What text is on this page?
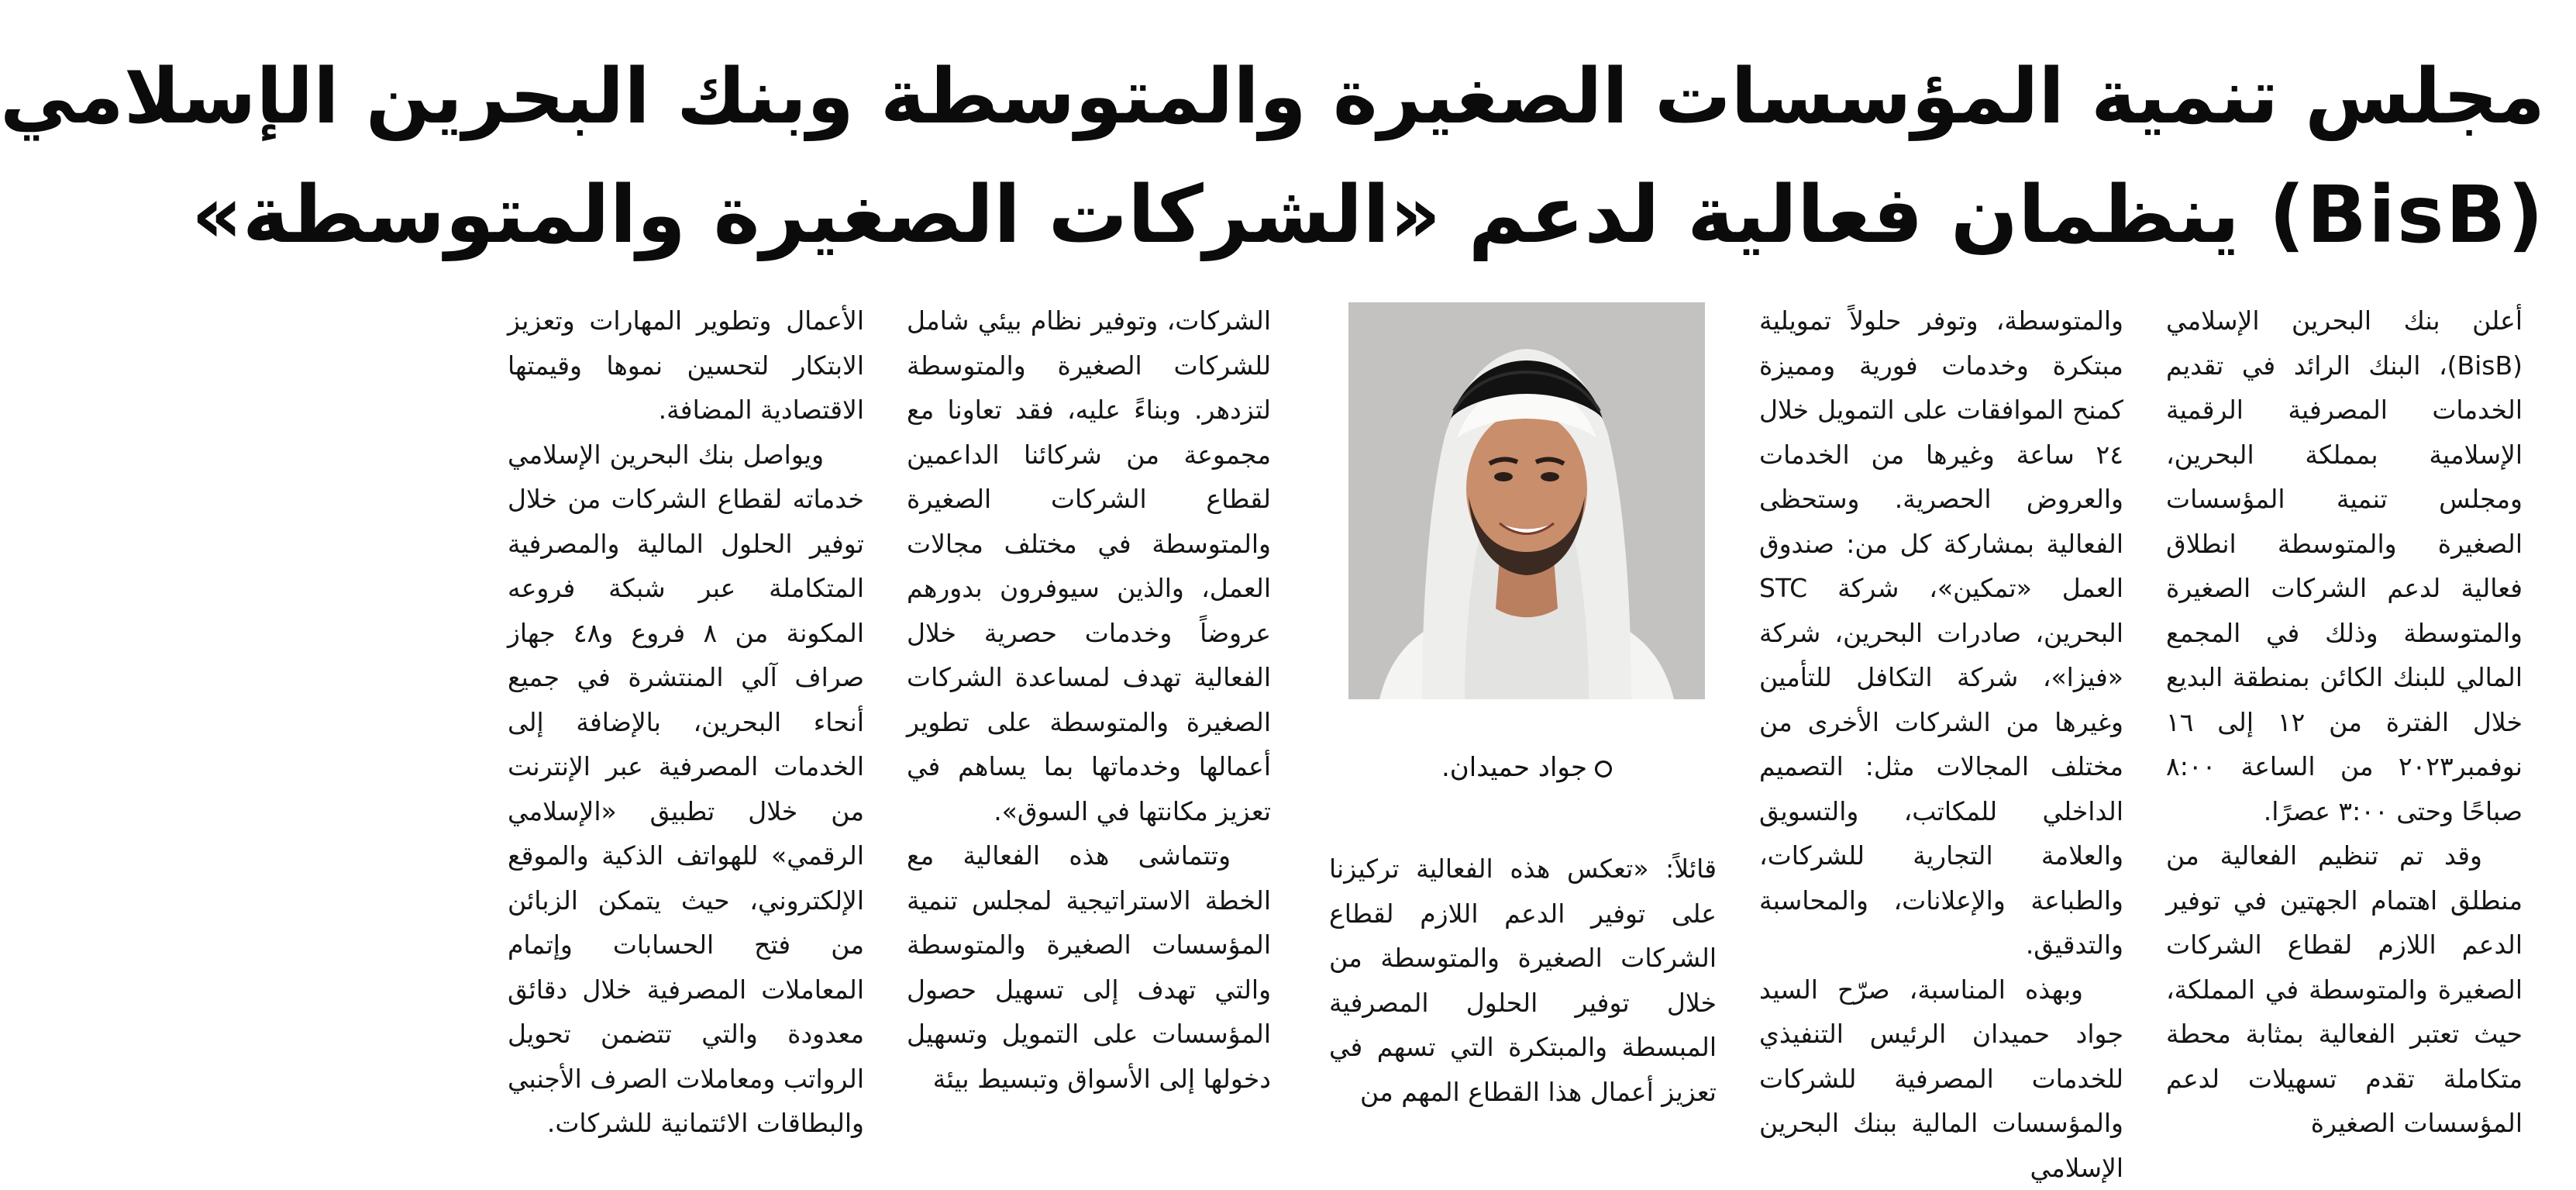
مجلس تنمية المؤسسات الصغيرة والمتوسطة وبنك البحرين الإسلامي
(BisB) ينظمان فعالية لدعم «الشركات الصغيرة والمتوسطة»

أعلن بنك البحرين الإسلامي (BisB)، البنك الرائد في تقديم الخدمات المصرفية الرقمية الإسلامية بمملكة البحرين، ومجلس تنمية المؤسسات الصغيرة والمتوسطة انطلاق فعالية لدعم الشركات الصغيرة والمتوسطة وذلك في المجمع المالي للبنك الكائن بمنطقة البديع خلال الفترة من ١٢ إلى ١٦ نوفمبر٢٠٢٣ من الساعة ٨:٠٠ صباحًا وحتى ٣:٠٠ عصرًا.

وقد تم تنظيم الفعالية من منطلق اهتمام الجهتين في توفير الدعم اللازم لقطاع الشركات الصغيرة والمتوسطة في المملكة، حيث تعتبر الفعالية بمثابة محطة متكاملة تقدم تسهيلات لدعم المؤسسات الصغيرة

والمتوسطة، وتوفر حلولاً تمويلية مبتكرة وخدمات فورية ومميزة كمنح الموافقات على التمويل خلال ٢٤ ساعة وغيرها من الخدمات والعروض الحصرية. وستحظى الفعالية بمشاركة كل من: صندوق العمل «تمكين»، شركة STC البحرين، صادرات البحرين، شركة «فيزا»، شركة التكافل للتأمين وغيرها من الشركات الأخرى من مختلف المجالات مثل: التصميم الداخلي للمكاتب، والتسويق والعلامة التجارية للشركات، والطباعة والإعلانات، والمحاسبة والتدقيق.

وبهذه المناسبة، صرّح السيد جواد حميدان الرئيس التنفيذي للخدمات المصرفية للشركات والمؤسسات المالية ببنك البحرين الإسلامي

جواد حميدان.

قائلاً: «تعكس هذه الفعالية تركيزنا على توفير الدعم اللازم لقطاع الشركات الصغيرة والمتوسطة من خلال توفير الحلول المصرفية المبسطة والمبتكرة التي تسهم في تعزيز أعمال هذا القطاع المهم من

الشركات، وتوفير نظام بيئي شامل للشركات الصغيرة والمتوسطة لتزدهر. وبناءً عليه، فقد تعاونا مع مجموعة من شركائنا الداعمين لقطاع الشركات الصغيرة والمتوسطة في مختلف مجالات العمل، والذين سيوفرون بدورهم عروضاً وخدمات حصرية خلال الفعالية تهدف لمساعدة الشركات الصغيرة والمتوسطة على تطوير أعمالها وخدماتها بما يساهم في تعزيز مكانتها في السوق».

وتتماشى هذه الفعالية مع الخطة الاستراتيجية لمجلس تنمية المؤسسات الصغيرة والمتوسطة والتي تهدف إلى تسهيل حصول المؤسسات على التمويل وتسهيل دخولها إلى الأسواق وتبسيط بيئة

الأعمال وتطوير المهارات وتعزيز الابتكار لتحسين نموها وقيمتها الاقتصادية المضافة.

ويواصل بنك البحرين الإسلامي خدماته لقطاع الشركات من خلال توفير الحلول المالية والمصرفية المتكاملة عبر شبكة فروعه المكونة من ٨ فروع و٤٨ جهاز صراف آلي المنتشرة في جميع أنحاء البحرين، بالإضافة إلى الخدمات المصرفية عبر الإنترنت من خلال تطبيق «الإسلامي الرقمي» للهواتف الذكية والموقع الإلكتروني، حيث يتمكن الزبائن من فتح الحسابات وإتمام المعاملات المصرفية خلال دقائق معدودة والتي تتضمن تحويل الرواتب ومعاملات الصرف الأجنبي والبطاقات الائتمانية للشركات.
